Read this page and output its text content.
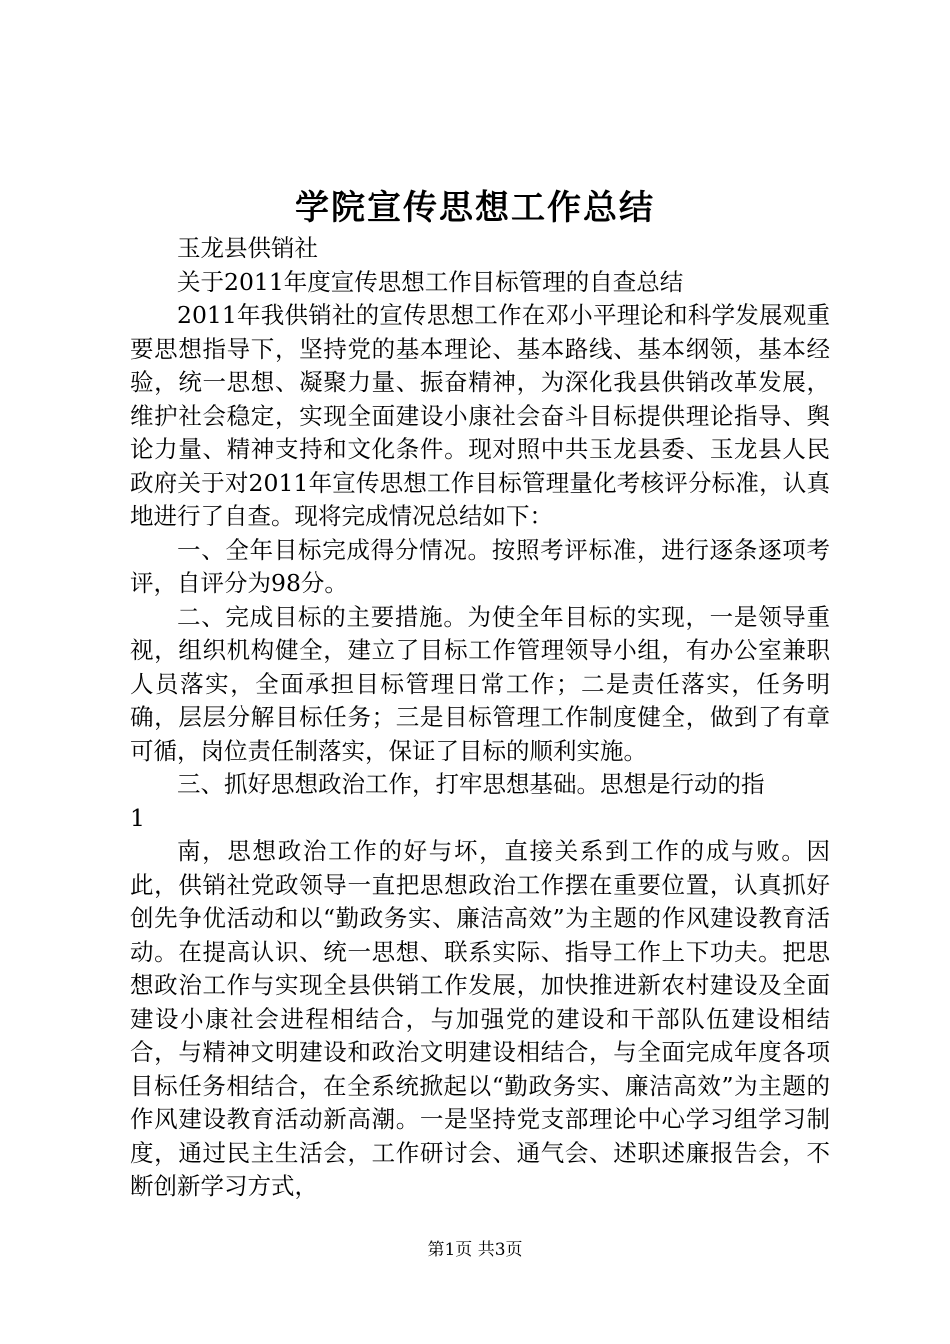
学院宣传思想工作总结

玉龙县供销社

关于2011年度宣传思想工作目标管理的自查总结

2011年我供销社的宣传思想工作在邓小平理论和科学发展观重要思想指导下，坚持党的基本理论、基本路线、基本纲领，基本经验，统一思想、凝聚力量、振奋精神，为深化我县供销改革发展，维护社会稳定，实现全面建设小康社会奋斗目标提供理论指导、舆论力量、精神支持和文化条件。现对照中共玉龙县委、玉龙县人民政府关于对2011年宣传思想工作目标管理量化考核评分标准，认真地进行了自查。现将完成情况总结如下：

一、全年目标完成得分情况。按照考评标准，进行逐条逐项考评，自评分为98分。

二、完成目标的主要措施。为使全年目标的实现，一是领导重视，组织机构健全，建立了目标工作管理领导小组，有办公室兼职人员落实，全面承担目标管理日常工作；二是责任落实，任务明确，层层分解目标任务；三是目标管理工作制度健全，做到了有章可循，岗位责任制落实，保证了目标的顺利实施。

三、抓好思想政治工作，打牢思想基础。思想是行动的指

1

南，思想政治工作的好与坏，直接关系到工作的成与败。因此，供销社党政领导一直把思想政治工作摆在重要位置，认真抓好创先争优活动和以“勤政务实、廉洁高效”为主题的作风建设教育活动。在提高认识、统一思想、联系实际、指导工作上下功夫。把思想政治工作与实现全县供销工作发展，加快推进新农村建设及全面建设小康社会进程相结合，与加强党的建设和干部队伍建设相结合，与精神文明建设和政治文明建设相结合，与全面完成年度各项目标任务相结合，在全系统掀起以“勤政务实、廉洁高效”为主题的作风建设教育活动新高潮。一是坚持党支部理论中心学习组学习制度，通过民主生活会，工作研讨会、通气会、述职述廉报告会，不断创新学习方式，

第1页 共3页
